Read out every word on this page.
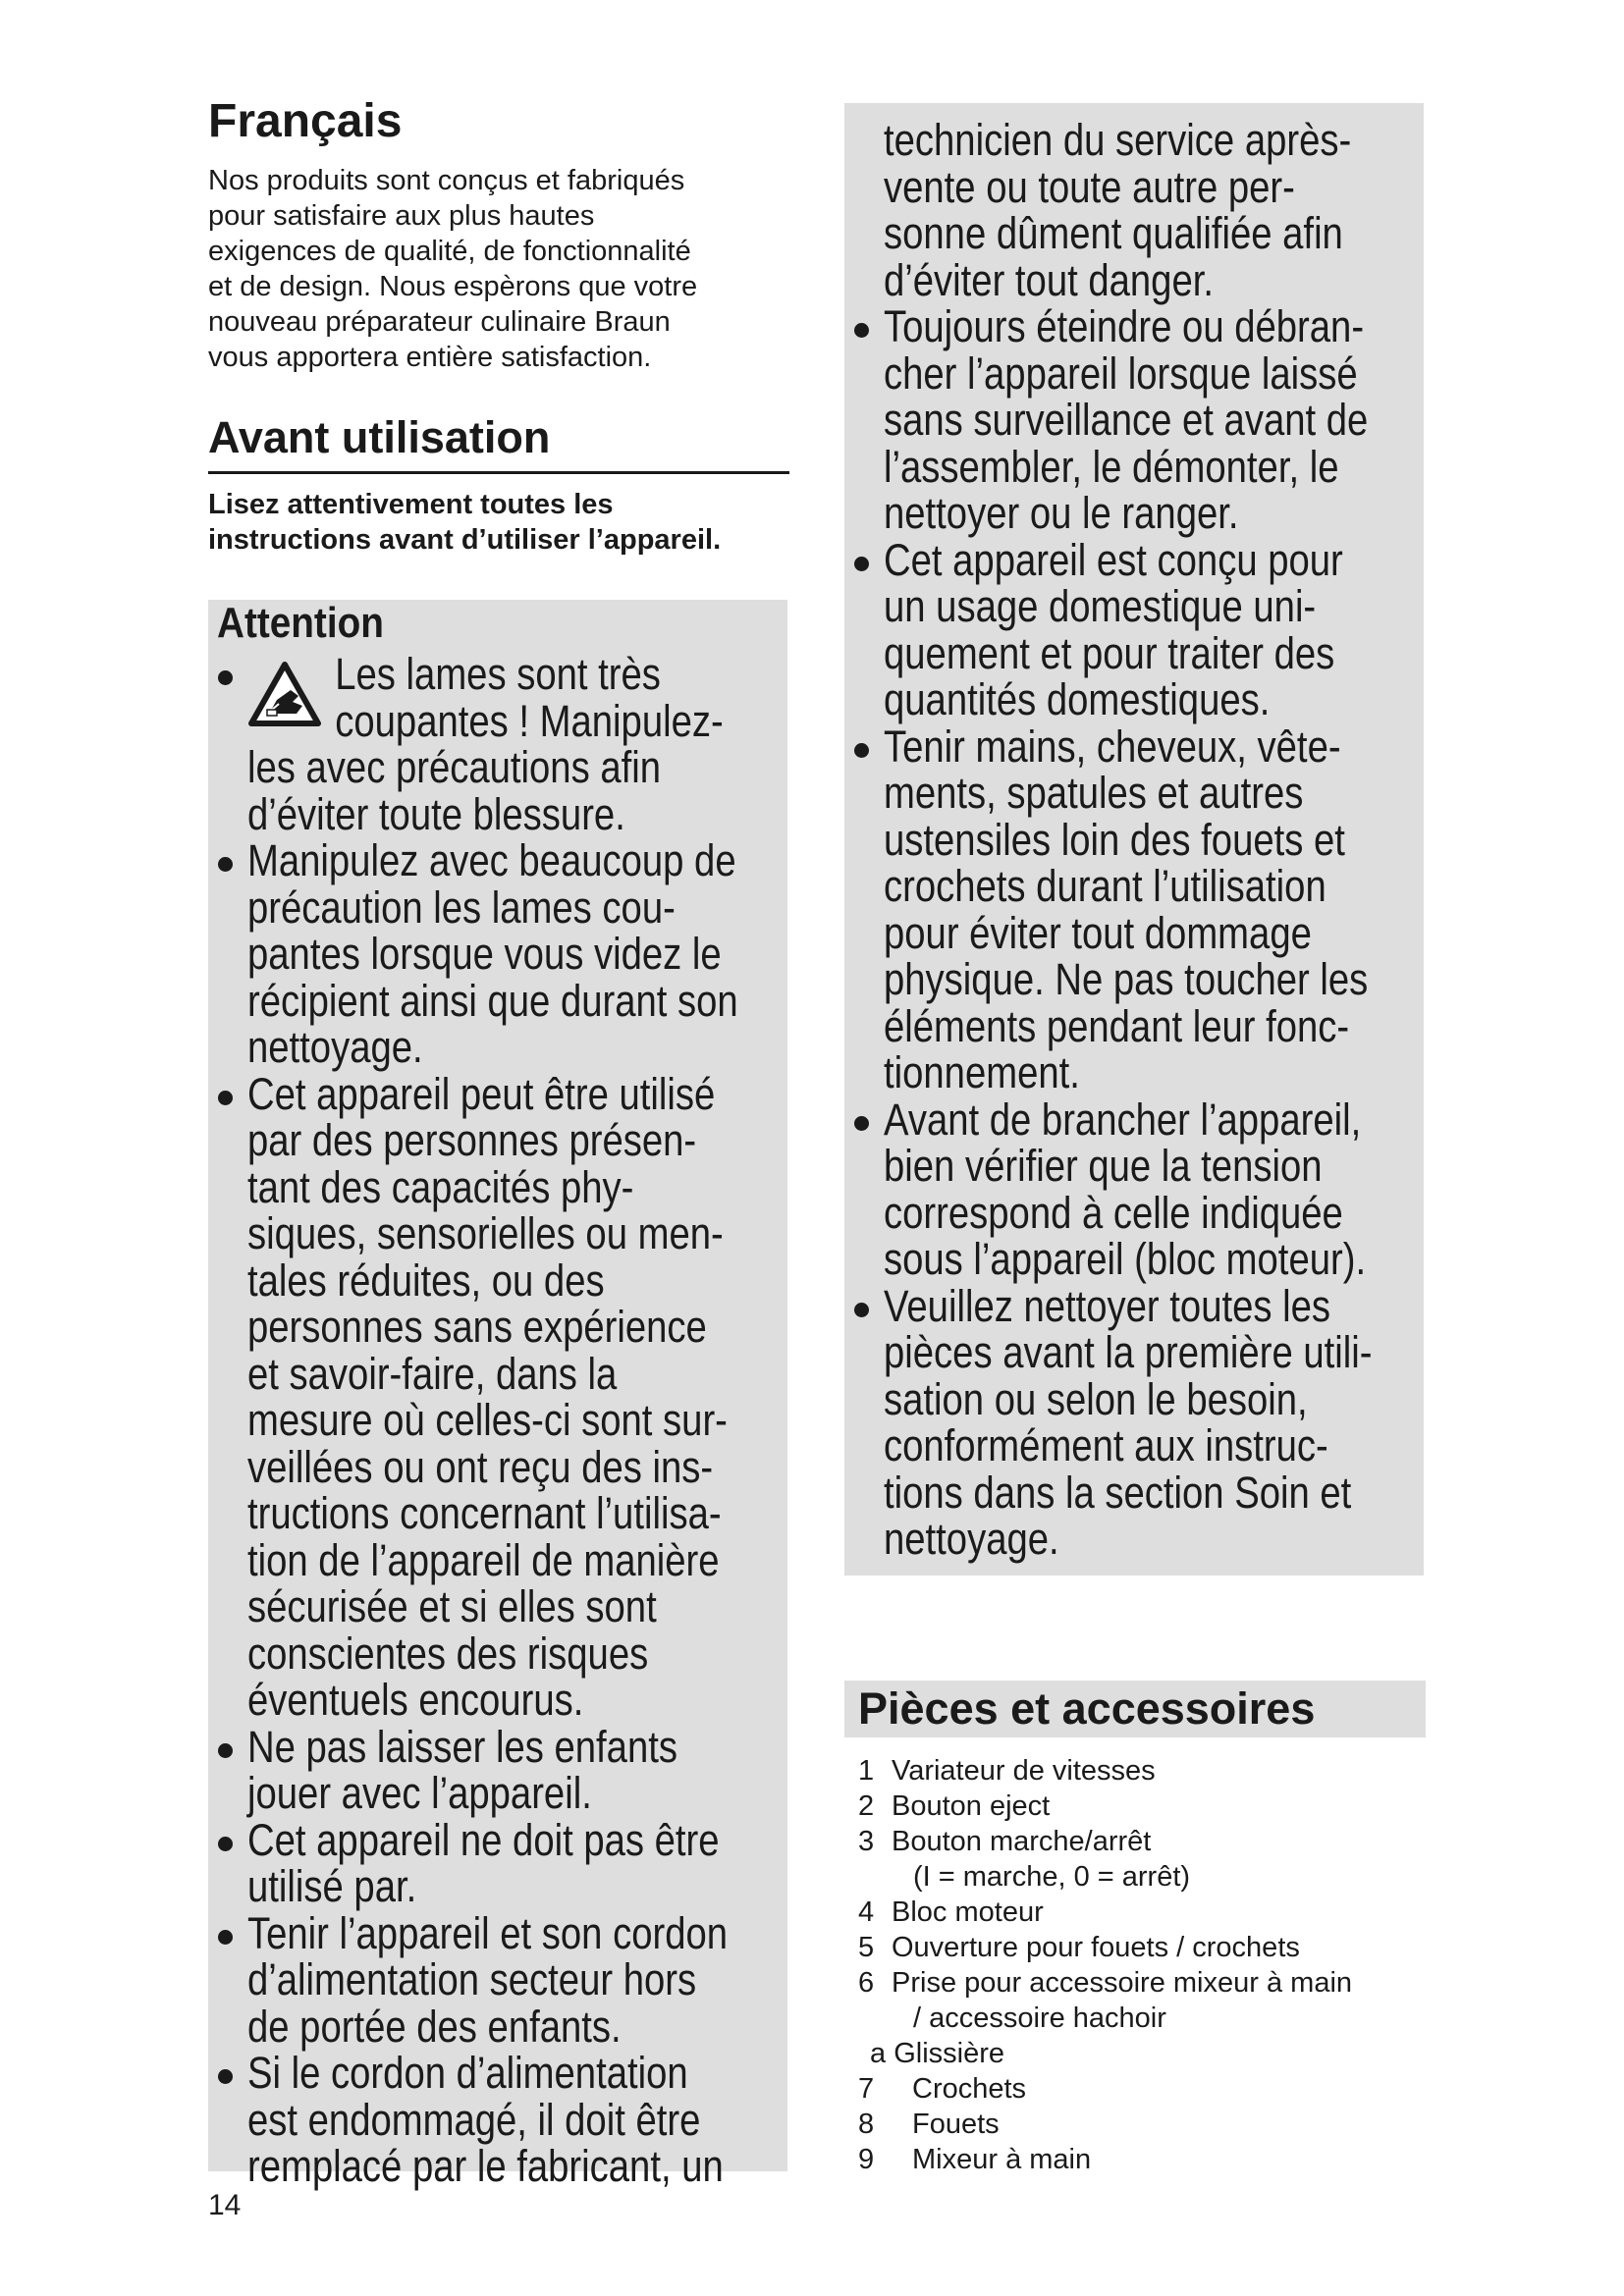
Français

Nos produits sont conçus et fabriqués
pour satisfaire aux plus hautes
exigences de qualité, de fonctionnalité
et de design. Nous espèrons que votre
nouveau préparateur culinaire Braun
vous apportera entière satisfaction.

Avant utilisation

Lisez attentivement toutes les
instructions avant d’utiliser l’appareil.

Attention
Les lames sont très
coupantes ! Manipulez-
les avec précautions afin
d’éviter toute blessure.
Manipulez avec beaucoup de
précaution les lames cou-
pantes lorsque vous videz le
récipient ainsi que durant son
nettoyage.
Cet appareil peut être utilisé
par des personnes présen-
tant des capacités phy-
siques, sensorielles ou men-
tales réduites, ou des
personnes sans expérience
et savoir-faire, dans la
mesure où celles-ci sont sur-
veillées ou ont reçu des ins-
tructions concernant l’utilisa-
tion de l’appareil de manière
sécurisée et si elles sont
conscientes des risques
éventuels encourus.
Ne pas laisser les enfants
jouer avec l’appareil.
Cet appareil ne doit pas être
utilisé par.
Tenir l’appareil et son cordon
d’alimentation secteur hors
de portée des enfants.
Si le cordon d’alimentation
est endommagé, il doit être
remplacé par le fabricant, un
technicien du service après-
vente ou toute autre per-
sonne dûment qualifiée afin
d’éviter tout danger.
Toujours éteindre ou débran-
cher l’appareil lorsque laissé
sans surveillance et avant de
l’assembler, le démonter, le
nettoyer ou le ranger.
Cet appareil est conçu pour
un usage domestique uni-
quement et pour traiter des
quantités domestiques.
Tenir mains, cheveux, vête-
ments, spatules et autres
ustensiles loin des fouets et
crochets durant l’utilisation
pour éviter tout dommage
physique. Ne pas toucher les
éléments pendant leur fonc-
tionnement.
Avant de brancher l’appareil,
bien vérifier que la tension
correspond à celle indiquée
sous l’appareil (bloc moteur).
Veuillez nettoyer toutes les
pièces avant la première utili-
sation ou selon le besoin,
conformément aux instruc-
tions dans la section Soin et
nettoyage.
Pièces et accessoires
1 Variateur de vitesses
2 Bouton eject
3 Bouton marche/arrêt
(I = marche, 0 = arrêt)
4 Bloc moteur
5 Ouverture pour fouets / crochets
6 Prise pour accessoire mixeur à main
/ accessoire hachoir
a Glissière
7 Crochets
8 Fouets
9 Mixeur à main

14
